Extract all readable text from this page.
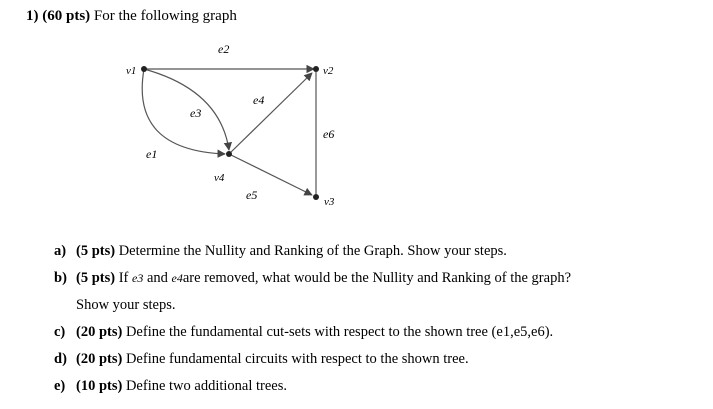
1) (60 pts) For the following graph
v1	v2
v3
v4
e2
e4
e3
e6
e1
e5
a) (5 pts) Determine the Nullity and Ranking of the Graph. Show your steps.
b) (5 pts) If e3 and e4are removed, what would be the Nullity and Ranking of the graph?
Show your steps.
c) (20 pts) Define the fundamental cut-sets with respect to the shown tree (e1,e5,e6).
d) (20 pts) Define fundamental circuits with respect to the shown tree.
e) (10 pts) Define two additional trees.
